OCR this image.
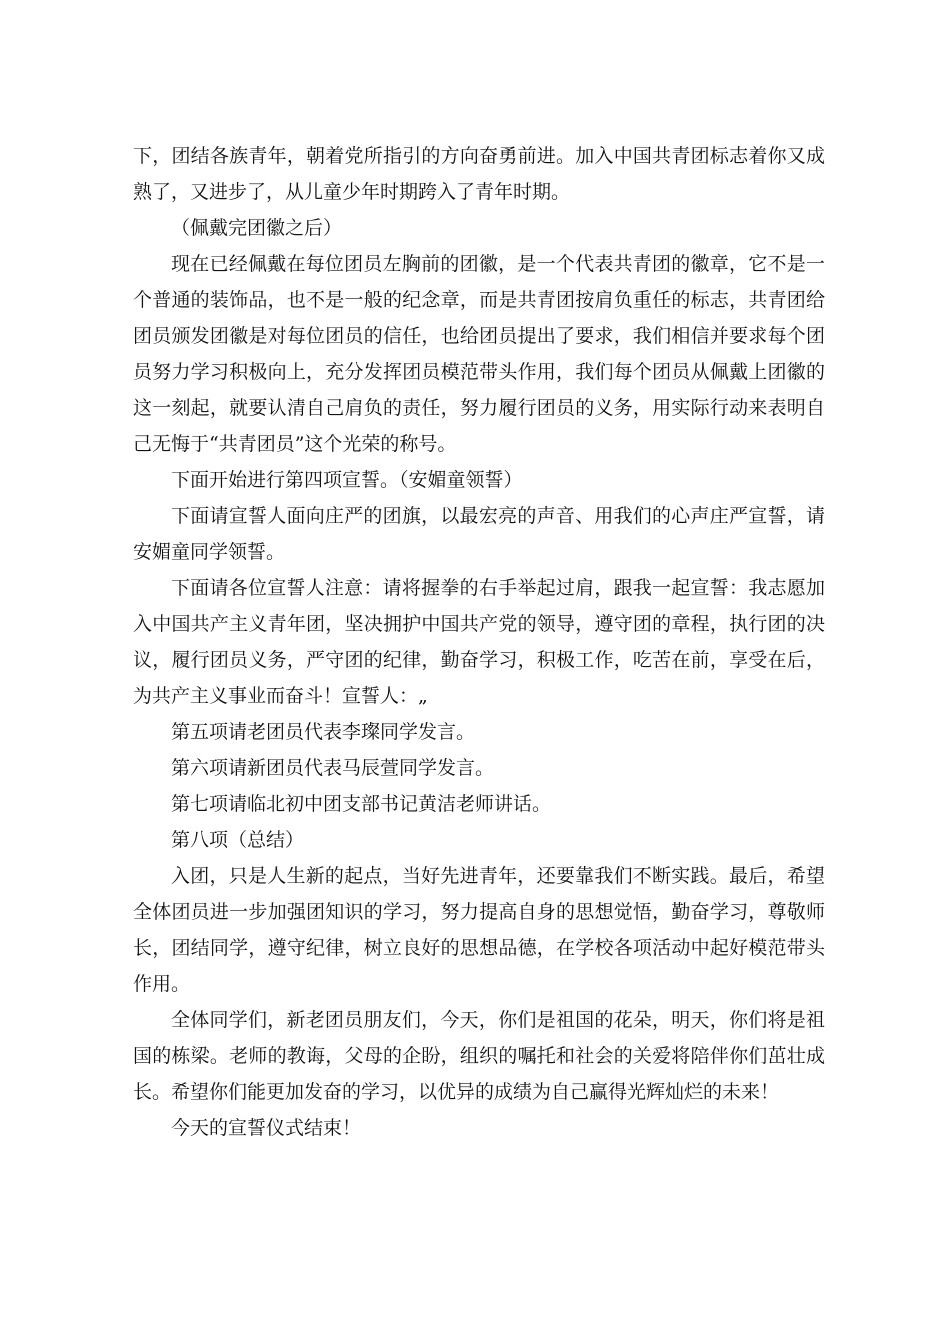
下，团结各族青年，朝着党所指引的方向奋勇前进。加入中国共青团标志着你又成熟了，又进步了，从儿童少年时期跨入了青年时期。

（佩戴完团徽之后）

现在已经佩戴在每位团员左胸前的团徽，是一个代表共青团的徽章，它不是一个普通的装饰品，也不是一般的纪念章，而是共青团按肩负重任的标志，共青团给团员颁发团徽是对每位团员的信任，也给团员提出了要求，我们相信并要求每个团员努力学习积极向上，充分发挥团员模范带头作用，我们每个团员从佩戴上团徽的这一刻起，就要认清自己肩负的责任，努力履行团员的义务，用实际行动来表明自己无悔于“共青团员”这个光荣的称号。

下面开始进行第四项宣誓。（安媚童领誓）

下面请宣誓人面向庄严的团旗，以最宏亮的声音、用我们的心声庄严宣誓，请安媚童同学领誓。

下面请各位宣誓人注意：请将握拳的右手举起过肩，跟我一起宣誓：我志愿加入中国共产主义青年团，坚决拥护中国共产党的领导，遵守团的章程，执行团的决议，履行团员义务，严守团的纪律，勤奋学习，积极工作，吃苦在前，享受在后，为共产主义事业而奋斗！宣誓人：„

第五项请老团员代表李璨同学发言。

第六项请新团员代表马辰萱同学发言。

第七项请临北初中团支部书记黄洁老师讲话。

第八项（总结）

入团，只是人生新的起点，当好先进青年，还要靠我们不断实践。最后，希望全体团员进一步加强团知识的学习，努力提高自身的思想觉悟，勤奋学习，尊敬师长，团结同学，遵守纪律，树立良好的思想品德，在学校各项活动中起好模范带头作用。

全体同学们，新老团员朋友们，今天，你们是祖国的花朵，明天，你们将是祖国的栋梁。老师的教诲，父母的企盼，组织的嘱托和社会的关爱将陪伴你们茁壮成长。希望你们能更加发奋的学习，以优异的成绩为自己赢得光辉灿烂的未来！

今天的宣誓仪式结束！
